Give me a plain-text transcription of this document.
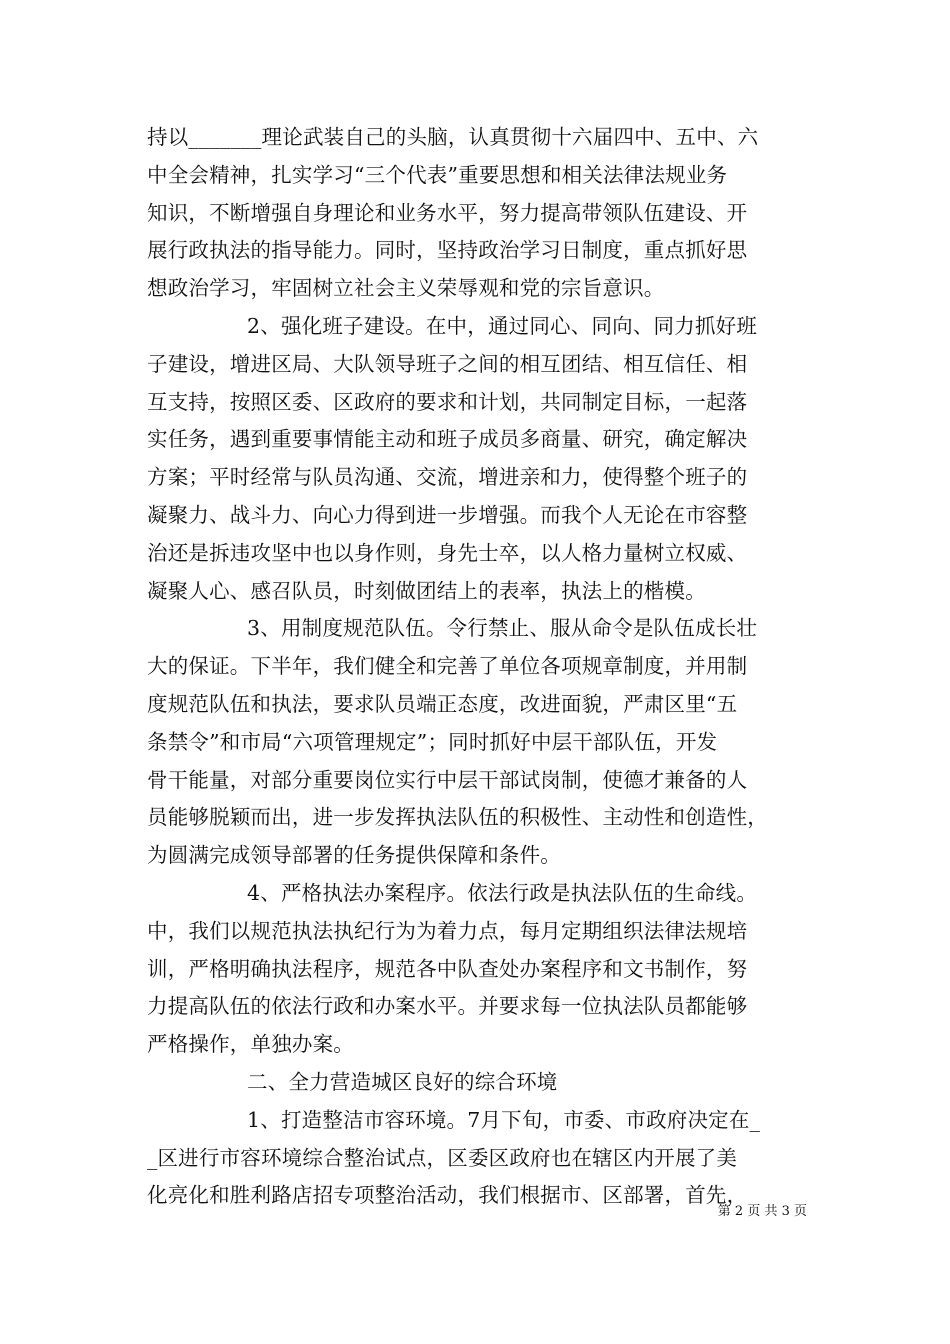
持以_______理论武装自己的头脑，认真贯彻十六届四中、五中、六
中全会精神，扎实学习“三个代表”重要思想和相关法律法规业务
知识，不断增强自身理论和业务水平，努力提高带领队伍建设、开
展行政执法的指导能力。同时，坚持政治学习日制度，重点抓好思
想政治学习，牢固树立社会主义荣辱观和党的宗旨意识。
2、强化班子建设。在中，通过同心、同向、同力抓好班
子建设，增进区局、大队领导班子之间的相互团结、相互信任、相
互支持，按照区委、区政府的要求和计划，共同制定目标，一起落
实任务，遇到重要事情能主动和班子成员多商量、研究，确定解决
方案；平时经常与队员沟通、交流，增进亲和力，使得整个班子的
凝聚力、战斗力、向心力得到进一步增强。而我个人无论在市容整
治还是拆违攻坚中也以身作则，身先士卒，以人格力量树立权威、
凝聚人心、感召队员，时刻做团结上的表率，执法上的楷模。
3、用制度规范队伍。令行禁止、服从命令是队伍成长壮
大的保证。下半年，我们健全和完善了单位各项规章制度，并用制
度规范队伍和执法，要求队员端正态度，改进面貌，严肃区里“五
条禁令”和市局“六项管理规定”；同时抓好中层干部队伍，开发
骨干能量，对部分重要岗位实行中层干部试岗制，使德才兼备的人
员能够脱颖而出，进一步发挥执法队伍的积极性、主动性和创造性，
为圆满完成领导部署的任务提供保障和条件。
4、严格执法办案程序。依法行政是执法队伍的生命线。
中，我们以规范执法执纪行为为着力点，每月定期组织法律法规培
训，严格明确执法程序，规范各中队查处办案程序和文书制作，努
力提高队伍的依法行政和办案水平。并要求每一位执法队员都能够
严格操作，单独办案。
二、全力营造城区良好的综合环境
1、打造整洁市容环境。7月下旬，市委、市政府决定在_
_区进行市容环境综合整治试点，区委区政府也在辖区内开展了美
化亮化和胜利路店招专项整治活动，我们根据市、区部署，首先，
第 2 页 共 3 页
